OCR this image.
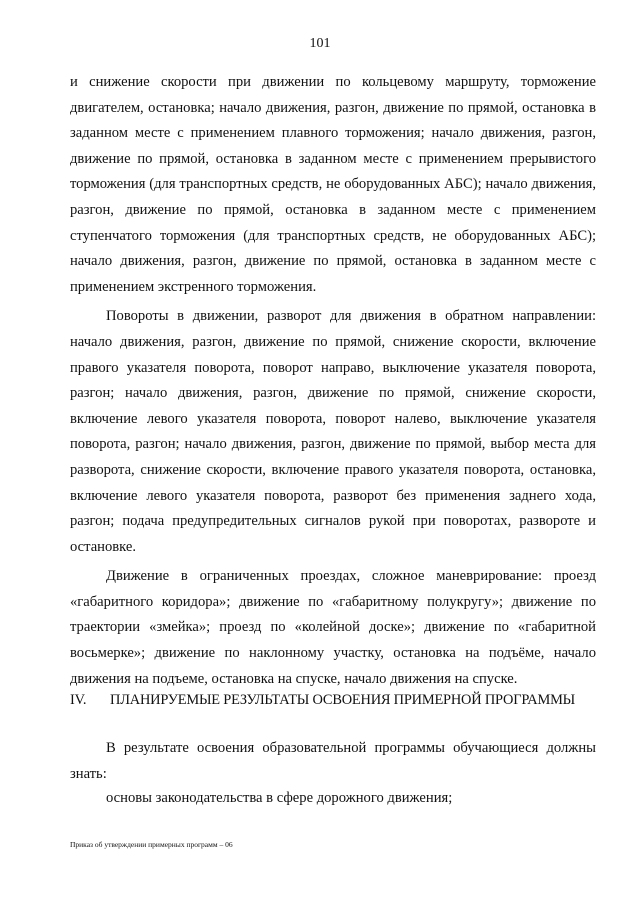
101

и снижение скорости при движении по кольцевому маршруту, торможение двигателем, остановка; начало движения, разгон, движение по прямой, остановка в заданном месте с применением плавного торможения; начало движения, разгон, движение по прямой, остановка в заданном месте с применением прерывистого торможения (для транспортных средств, не оборудованных АБС); начало движения, разгон, движение по прямой, остановка в заданном месте с применением ступенчатого торможения (для транспортных средств, не оборудованных АБС); начало движения, разгон, движение по прямой, остановка в заданном месте с применением экстренного торможения.

Повороты в движении, разворот для движения в обратном направлении: начало движения, разгон, движение по прямой, снижение скорости, включение правого указателя поворота, поворот направо, выключение указателя поворота, разгон; начало движения, разгон, движение по прямой, снижение скорости, включение левого указателя поворота, поворот налево, выключение указателя поворота, разгон; начало движения, разгон, движение по прямой, выбор места для разворота, снижение скорости, включение правого указателя поворота, остановка, включение левого указателя поворота, разворот без применения заднего хода, разгон; подача предупредительных сигналов рукой при поворотах, развороте и остановке.

Движение в ограниченных проездах, сложное маневрирование: проезд «габаритного коридора»; движение по «габаритному полукругу»; движение по траектории «змейка»; проезд по «колейной доске»; движение по «габаритной восьмерке»; движение по наклонному участку, остановка на подъёме, начало движения на подъеме, остановка на спуске, начало движения на спуске.

IV. ПЛАНИРУЕМЫЕ РЕЗУЛЬТАТЫ ОСВОЕНИЯ ПРИМЕРНОЙ ПРОГРАММЫ

В результате освоения образовательной программы обучающиеся должны знать:

основы законодательства в сфере дорожного движения;
Приказ об утверждении примерных программ – 06
